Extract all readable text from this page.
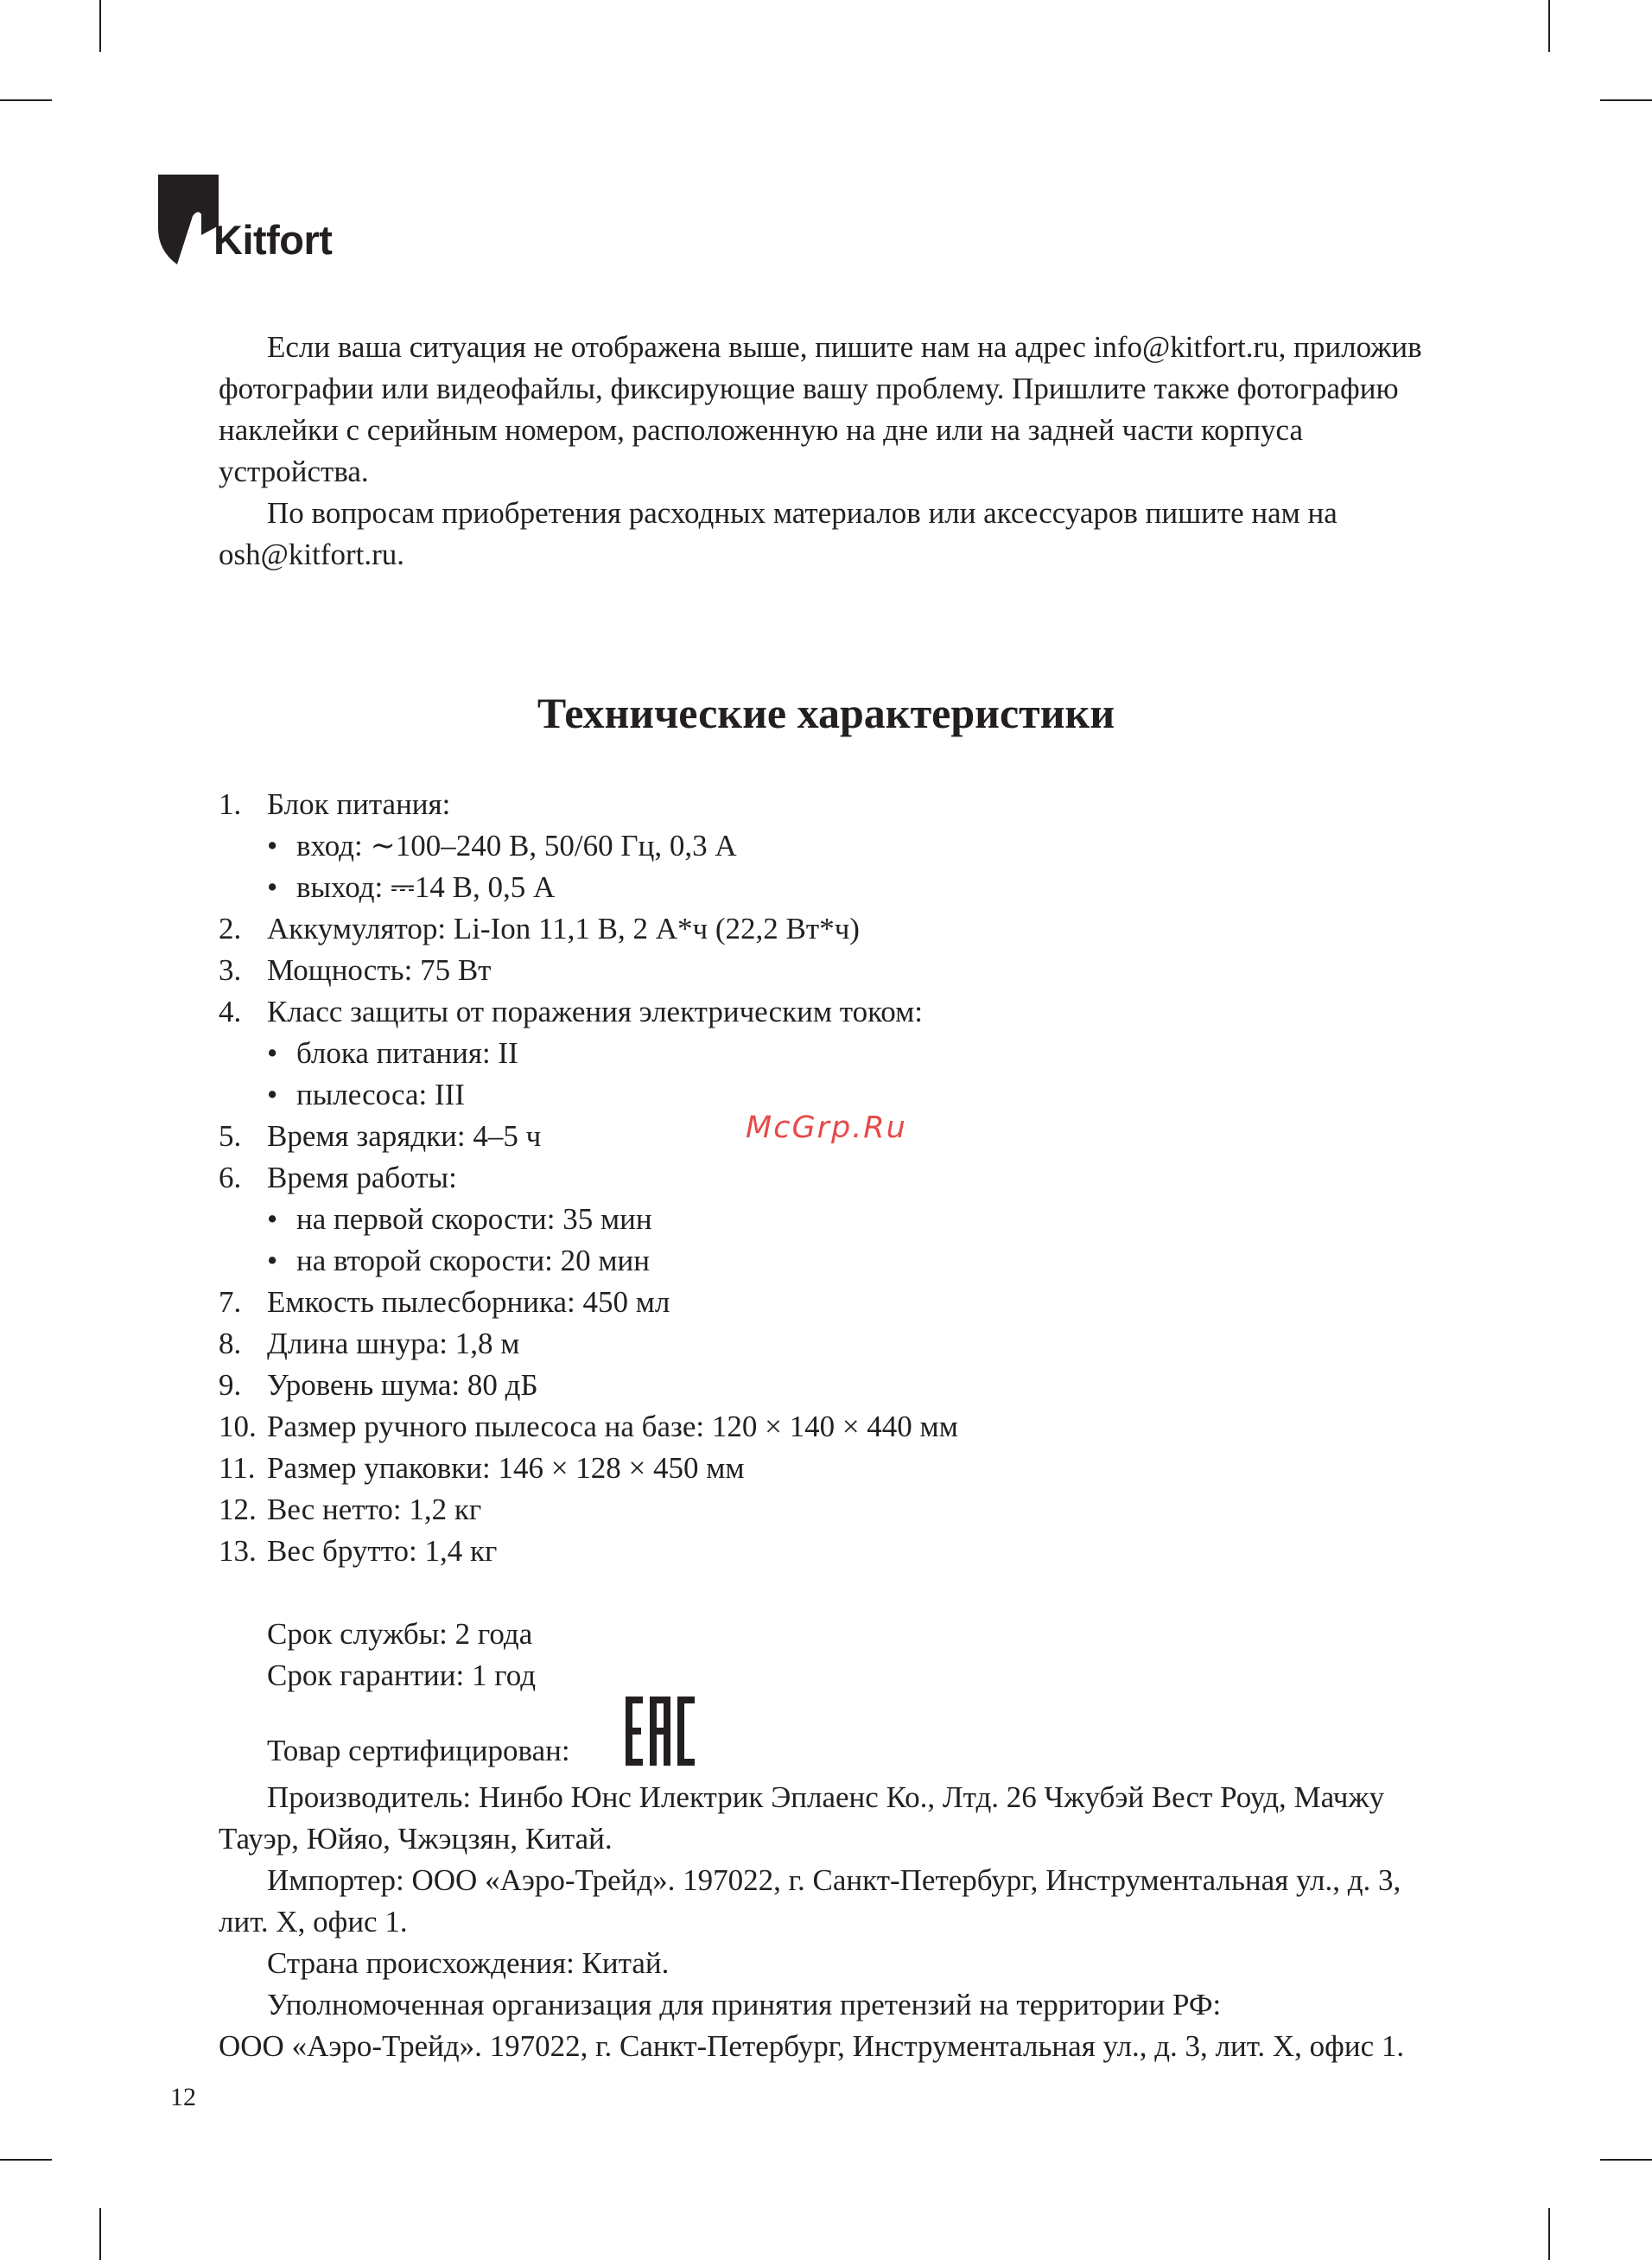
Kitfort

Если ваша ситуация не отображена выше, пишите нам на адрес info@kitfort.ru, приложив фотографии или видеофайлы, фиксирующие вашу проблему. Пришлите также фотографию наклейки с серийным номером, расположенную на дне или на задней части корпуса устройства.

По вопросам приобретения расходных материалов или аксессуаров пишите нам на osh@kitfort.ru.

Технические характеристики
1. Блок питания:
• вход: ∼100–240 В, 50/60 Гц, 0,3 А
• выход: ⎓14 В, 0,5 А
2. Аккумулятор: Li-Ion 11,1 В, 2 А*ч (22,2 Вт*ч)
3. Мощность: 75 Вт
4. Класс защиты от поражения электрическим током:
• блока питания: II
• пылесоса: III
5. Время зарядки: 4–5 ч
6. Время работы:
• на первой скорости: 35 мин
• на второй скорости: 20 мин
7. Емкость пылесборника: 450 мл
8. Длина шнура: 1,8 м
9. Уровень шума: 80 дБ
10. Размер ручного пылесоса на базе: 120 × 140 × 440 мм
11. Размер упаковки: 146 × 128 × 450 мм
12. Вес нетто: 1,2 кг
13. Вес брутто: 1,4 кг
McGrp.Ru

Срок службы: 2 года

Срок гарантии: 1 год

Товар сертифицирован:

Производитель: Нинбо Юнс Илектрик Эплаенс Ко., Лтд. 26 Чжубэй Вест Роуд, Мачжу Тауэр, Юйяо, Чжэцзян, Китай.

Импортер: ООО «Аэро-Трейд». 197022, г. Санкт-Петербург, Инструментальная ул., д. 3, лит. Х, офис 1.

Страна происхождения: Китай.

Уполномоченная организация для принятия претензий на территории РФ:

ООО «Аэро-Трейд». 197022, г. Санкт-Петербург, Инструментальная ул., д. 3, лит. Х, офис 1.

12
